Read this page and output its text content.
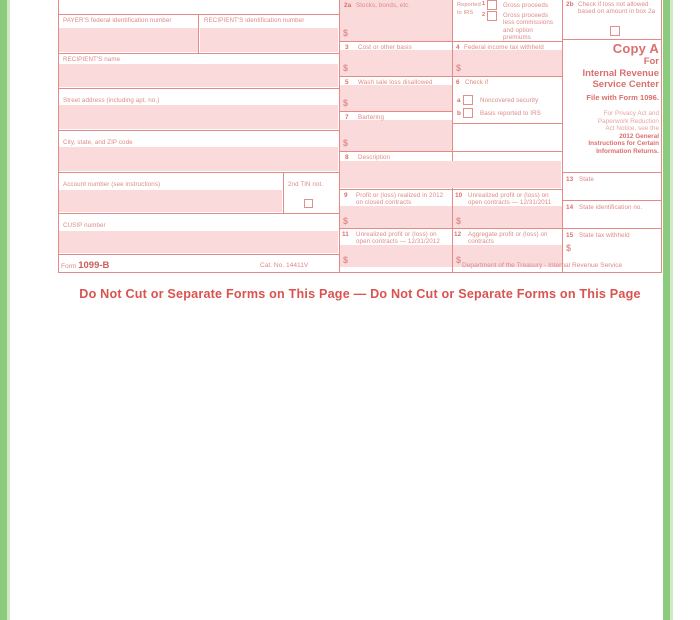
PAYER'S federal identification number	RECIPIENT'S identification number
RECIPIENT'S name
Street address (including apt. no.)
City, state, and ZIP code
Account number (see instructions)	2nd TIN not.
CUSIP number
2a Stocks, bonds, etc.
$
3 Cost or other basis
$
5 Wash sale loss disallowed
$
7 Bartering
$
8 Description
9 Profit or (loss) realized in 2012 on closed contracts
$
11 Unrealized profit or (loss) on open contracts — 12/31/2012
$
Reported
to IRS
1	Gross proceeds
2	Gross proceeds less commissions and option premiums
4 Federal income tax withheld
$
6 Check if
a	Noncovered security
b	Basis reported to IRS
10 Unrealized profit or (loss) on open contracts — 12/31/2011
$
12 Aggregate profit or (loss) on contracts
$
2b Check if loss not allowed based on amount in box 2a
Copy A
For
Internal Revenue
Service Center
File with Form 1096.
For Privacy Act and
Paperwork Reduction
Act Notice, see the
2012 General
Instructions for Certain
Information Returns.
13 State
14 State identification no.
15 State tax withheld
$
Form 1099-B	Cat. No. 14411V	Department of the Treasury - Internal Revenue Service
Do Not Cut or Separate Forms on This Page — Do Not Cut or Separate Forms on This Page
